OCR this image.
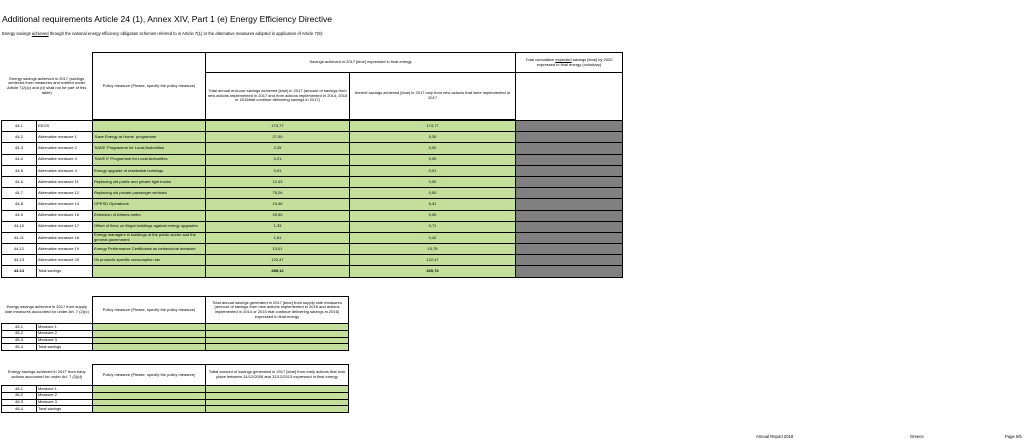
Additional requirements Article 24 (1), Annex XIV, Part 1 (e) Energy Efficiency Directive
Energy savings achieved through the national energy efficiency obligation schemes referred to in Article 7(1) or the alternative measures adopted in application of Article 7(9):
Energy savings achieved in 2017 (savings achieved from measures and notified under Article 7(2)(c) and (d) shall not be part of this table)		Policy measure (Please, specify the policy measure)	Savings achieved in 2017 [ktoe] expressed in final energy		Total cumulative expected savings [ktoe] by 2020 expressed in final energy (voluntary)
			Total annual end-use savings achieved [ktoe] in 2017 (amount of savings from new actions implemented in 2017 and from actions implemented in 2014, 2015 or 2016that continue delivering savings in 2017)	thereof savings achieved [ktoe] in 2017 only from new actions that were implemented in 2017	

44-1	EEOS		174,77	174,77	
44-2	Alternative measure 1	'Save Energy at Home' programme	27,00	5,30	
44-3	Alternative measure 2	'SAVE' Programme for Local Authorities	2,25	0,00	
44-4	Alternative measure 3	'SAVE II' Programme for Local Authorities	0,21	0,00	
44-5	Alternative measure 4	Energy upgrade of residential buildings	0,01	0,01	
44-6	Alternative measure 11	Replacing old public and private light trucks	12,43	0,00	
44-7	Alternative measure 12	Replacing old private passenger vehicles	75,26	0,00	
44-8	Alternative measure 14	OPESD Operations	19,46	6,31	
44-9	Alternative measure 16	Extension of Athens metro	29,30	0,00	
44-10	Alternative measure 17	Offset of fines on illegal buildings against energy upgrades	1,33	0,71	
44-11	Alternative measure 18	Energy managers in buildings of the public sector and the general government	1,61	0,42	
44-12	Alternative measure 19	Energy Performance Certificates as behavioural measure	13,01	10,75	
44-13	Alternative measure 20	Oil products specific consumption tax	122,47	122,47	
44-14	Total savings		489,12	320,74	
Energy savings achieved in 2017 from supply side measures accounted for under Art. 7 (2)(c)		Policy measure (Please, specify the policy measure)	Total annual savings generated in 2017 [ktoe] from supply side measures (amount of savings from new actions implemented in 2016 and actions implemented in 2014 or 2015 that continue delivering savings in 2016) expressed in final energy
45-1	Measure 1		
45-2	Measure 2		
45-3	Measure 3		
45-4	Total savings		
Energy savings achieved in 2017 from early actions accounted for under Art. 7 (2)(d)		Policy measure (Please, specify the policy measure)	Tottal amount of savings generated in 2017 [ktoe] from early actions that took place between 31/12/2008 and 31/12/2013 expressed in final energy
46-1	Measure 1		
46-2	Measure 2		
46-3	Measure 3		
46-4	Total savings		
Annual Report 2018	Greece	Page 5/5
